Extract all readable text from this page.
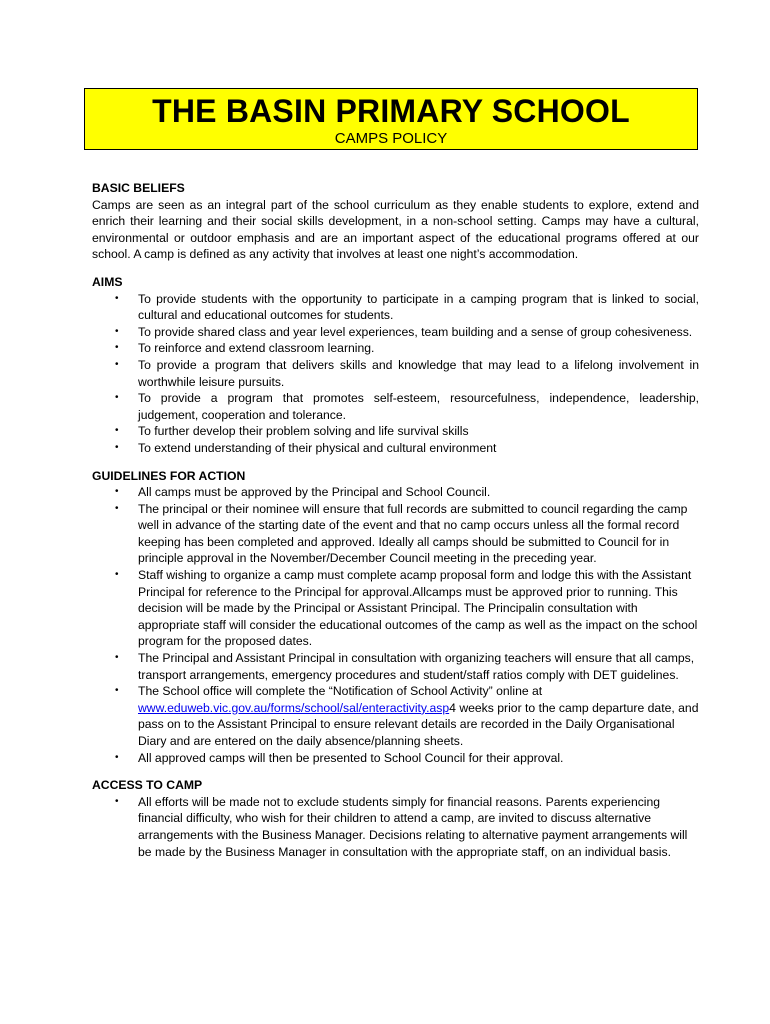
THE BASIN PRIMARY SCHOOL
CAMPS POLICY
BASIC BELIEFS

Camps are seen as an integral part of the school curriculum as they enable students to explore, extend and enrich their learning and their social skills development, in a non-school setting. Camps may have a cultural, environmental or outdoor emphasis and are an important aspect of the educational programs offered at our school. A camp is defined as any activity that involves at least one night’s accommodation.

AIMS
• To provide students with the opportunity to participate in a camping program that is linked to social, cultural and educational outcomes for students.
• To provide shared class and year level experiences, team building and a sense of group cohesiveness.
• To reinforce and extend classroom learning.
• To provide a program that delivers skills and knowledge that may lead to a lifelong involvement in worthwhile leisure pursuits.
• To provide a program that promotes self-esteem, resourcefulness, independence, leadership, judgement, cooperation and tolerance.
• To further develop their problem solving and life survival skills
• To extend understanding of their physical and cultural environment
GUIDELINES FOR ACTION
• All camps must be approved by the Principal and School Council.
• The principal or their nominee will ensure that full records are submitted to council regarding the camp well in advance of the starting date of the event and that no camp occurs unless all the formal record keeping has been completed and approved. Ideally all camps should be submitted to Council for in principle approval in the November/December Council meeting in the preceding year.
• Staff wishing to organize a camp must complete acamp proposal form and lodge this with the Assistant Principal for reference to the Principal for approval.Allcamps must be approved prior to running. This decision will be made by the Principal or Assistant Principal. The Principalin consultation with appropriate staff will consider the educational outcomes of the camp as well as the impact on the school program for the proposed dates.
• The Principal and Assistant Principal in consultation with organizing teachers will ensure that all camps, transport arrangements, emergency procedures and student/staff ratios comply with DET guidelines.
• The School office will complete the “Notification of School Activity” online at www.eduweb.vic.gov.au/forms/school/sal/enteractivity.asp4 weeks prior to the camp departure date, and pass on to the Assistant Principal to ensure relevant details are recorded in the Daily Organisational Diary and are entered on the daily absence/planning sheets.
• All approved camps will then be presented to School Council for their approval.
ACCESS TO CAMP
• All efforts will be made not to exclude students simply for financial reasons. Parents experiencing financial difficulty, who wish for their children to attend a camp, are invited to discuss alternative arrangements with the Business Manager. Decisions relating to alternative payment arrangements will be made by the Business Manager in consultation with the appropriate staff, on an individual basis.
